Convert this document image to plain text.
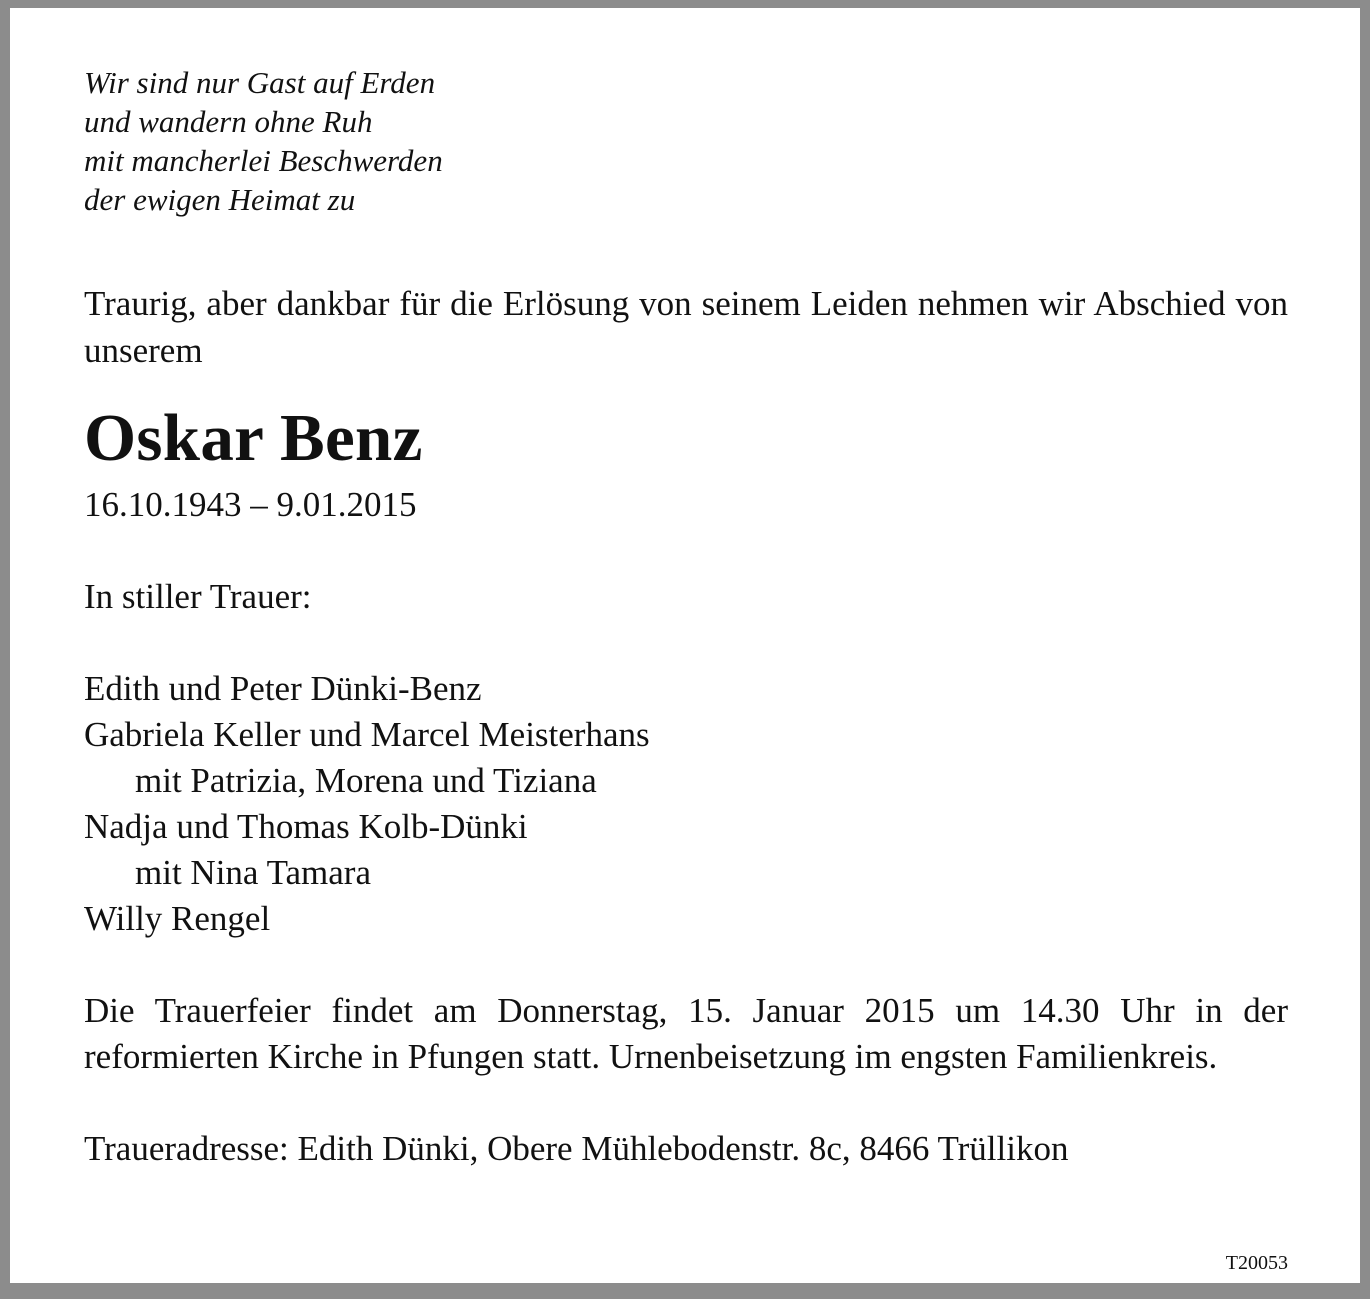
Wir sind nur Gast auf Erden
und wandern ohne Ruh
mit mancherlei Beschwerden
der ewigen Heimat zu
Traurig, aber dankbar für die Erlösung von seinem Leiden nehmen wir Abschied von unserem
Oskar Benz
16.10.1943 – 9.01.2015
In stiller Trauer:
Edith und Peter Dünki-Benz
Gabriela Keller und Marcel Meisterhans
mit Patrizia, Morena und Tiziana
Nadja und Thomas Kolb-Dünki
mit Nina Tamara
Willy Rengel
Die Trauerfeier findet am Donnerstag, 15. Januar 2015 um 14.30 Uhr in der reformierten Kirche in Pfungen statt. Urnenbeisetzung im engsten Familienkreis.
Traueradresse: Edith Dünki, Obere Mühlebodenstr. 8c, 8466 Trüllikon
T20053
